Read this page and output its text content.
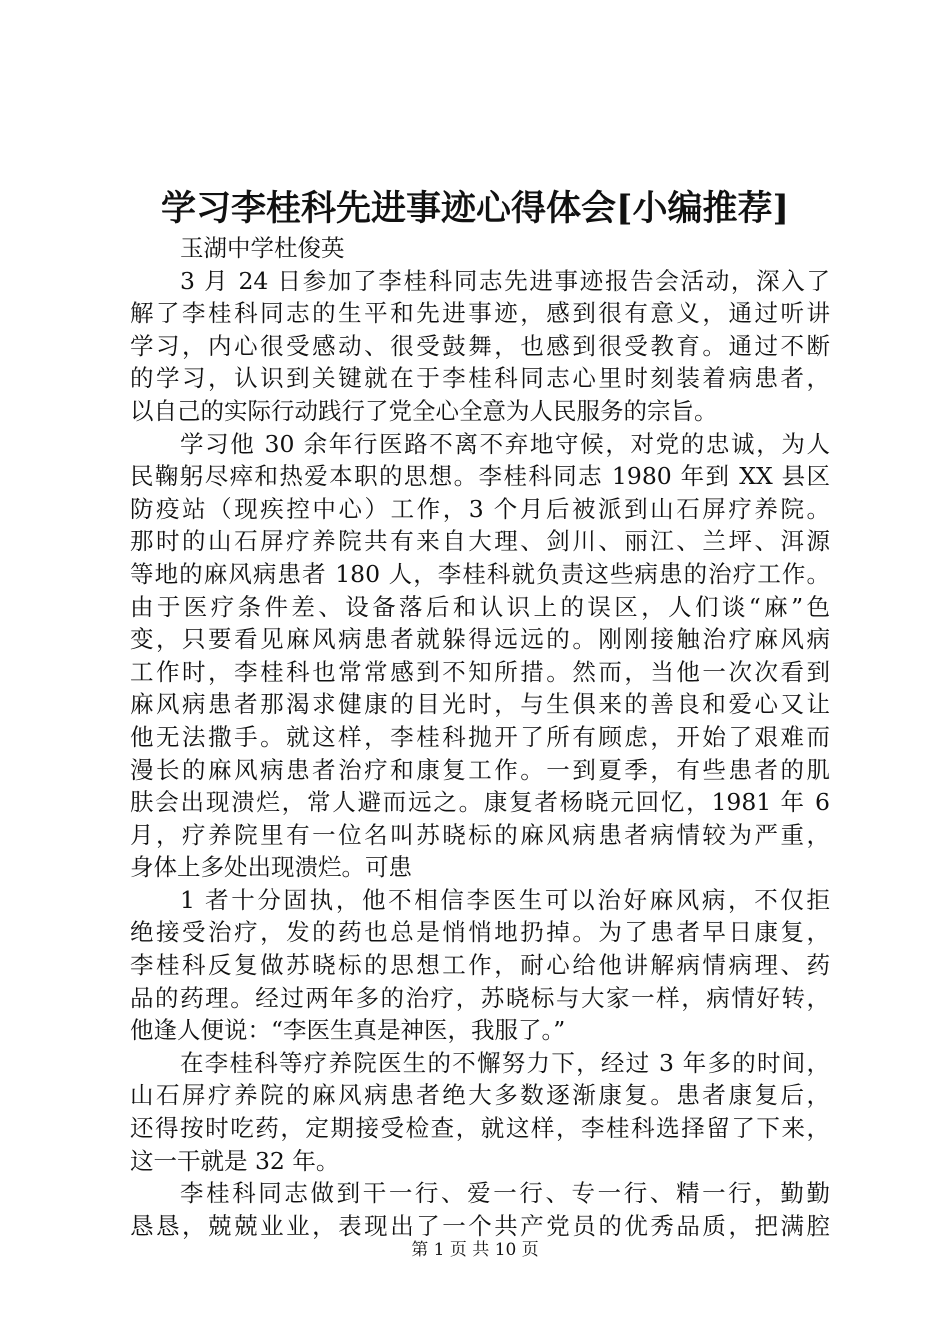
学习李桂科先进事迹心得体会[小编推荐]
玉湖中学杜俊英
3 月 24 日参加了李桂科同志先进事迹报告会活动，深入了
解了李桂科同志的生平和先进事迹，感到很有意义，通过听讲
学习，内心很受感动、很受鼓舞，也感到很受教育。通过不断
的学习，认识到关键就在于李桂科同志心里时刻装着病患者，
以自己的实际行动践行了党全心全意为人民服务的宗旨。
学习他 30 余年行医路不离不弃地守候，对党的忠诚，为人
民鞠躬尽瘁和热爱本职的思想。李桂科同志 1980 年到 XX 县区
防疫站（现疾控中心）工作，3 个月后被派到山石屏疗养院。
那时的山石屏疗养院共有来自大理、剑川、丽江、兰坪、洱源
等地的麻风病患者 180 人，李桂科就负责这些病患的治疗工作。
由于医疗条件差、设备落后和认识上的误区，人们谈“麻”色
变，只要看见麻风病患者就躲得远远的。刚刚接触治疗麻风病
工作时，李桂科也常常感到不知所措。然而，当他一次次看到
麻风病患者那渴求健康的目光时，与生俱来的善良和爱心又让
他无法撒手。就这样，李桂科抛开了所有顾虑，开始了艰难而
漫长的麻风病患者治疗和康复工作。一到夏季，有些患者的肌
肤会出现溃烂，常人避而远之。康复者杨晓元回忆，1981 年 6
月，疗养院里有一位名叫苏晓标的麻风病患者病情较为严重，
身体上多处出现溃烂。可患
1 者十分固执，他不相信李医生可以治好麻风病，不仅拒
绝接受治疗，发的药也总是悄悄地扔掉。为了患者早日康复，
李桂科反复做苏晓标的思想工作，耐心给他讲解病情病理、药
品的药理。经过两年多的治疗，苏晓标与大家一样，病情好转，
他逢人便说：“李医生真是神医，我服了。”
在李桂科等疗养院医生的不懈努力下，经过 3 年多的时间，
山石屏疗养院的麻风病患者绝大多数逐渐康复。患者康复后，
还得按时吃药，定期接受检查，就这样，李桂科选择留了下来，
这一干就是 32 年。
李桂科同志做到干一行、爱一行、专一行、精一行，勤勤
恳恳，兢兢业业，表现出了一个共产党员的优秀品质，把满腔
第 1 页 共 10 页
